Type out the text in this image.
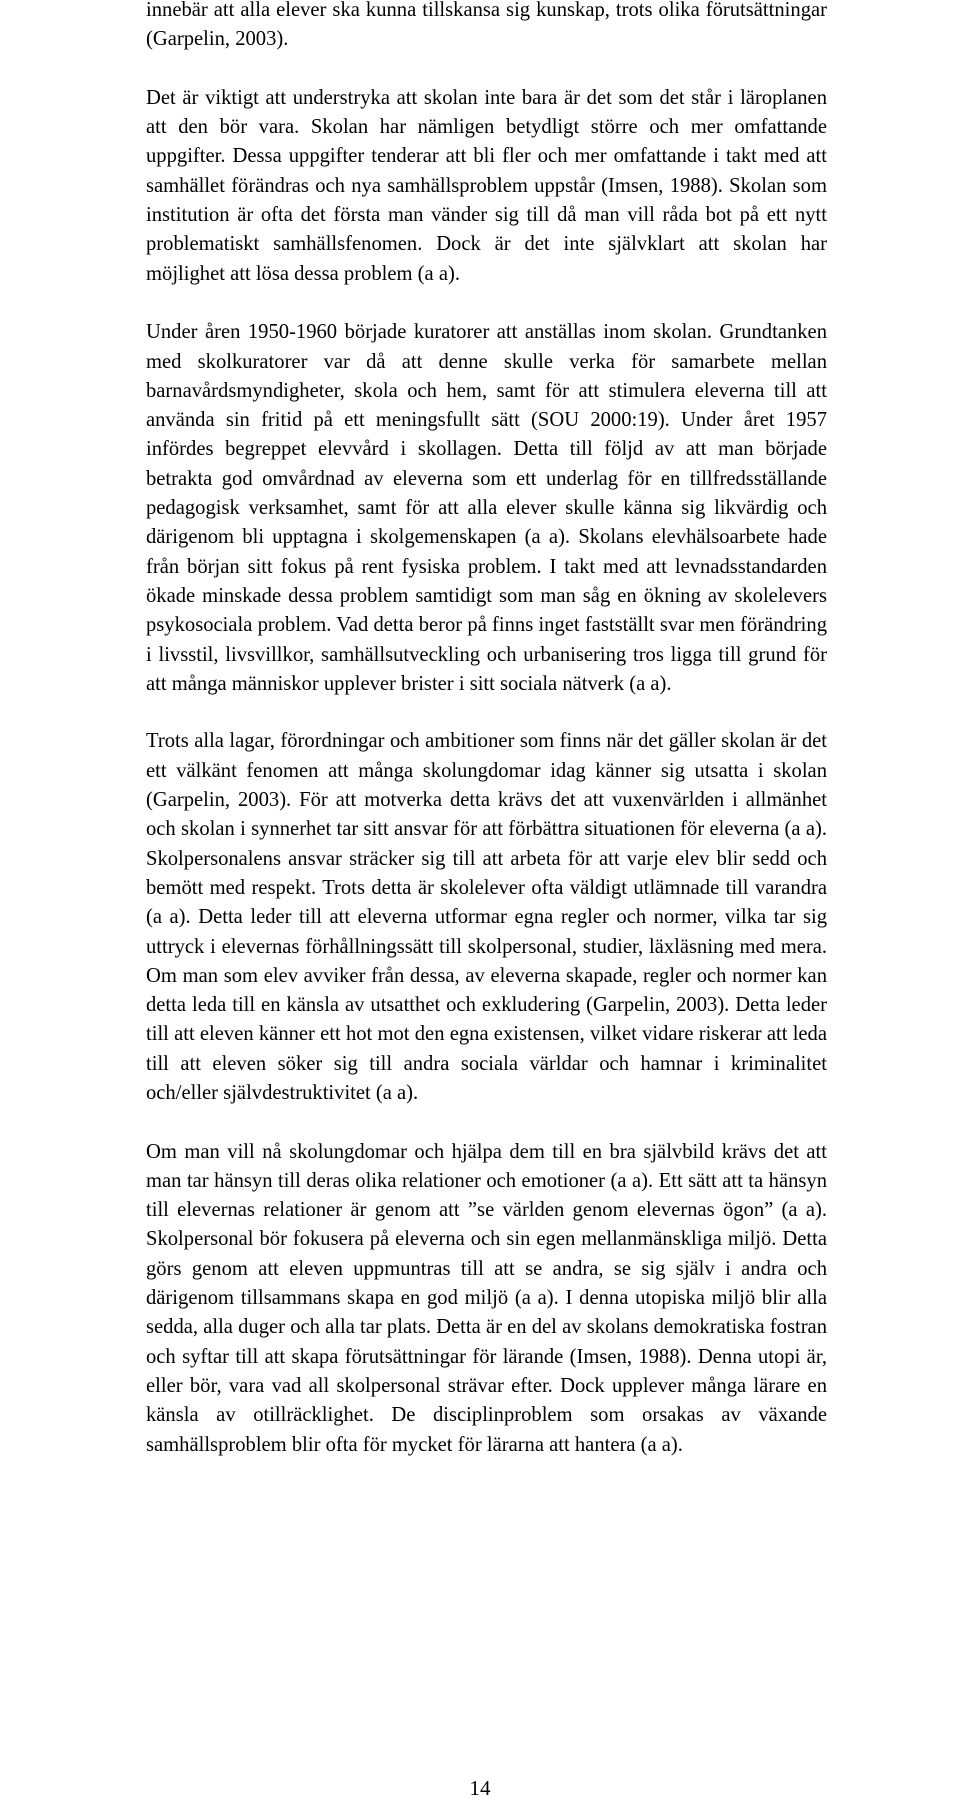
innebär att alla elever ska kunna tillskansa sig kunskap, trots olika förutsättningar (Garpelin, 2003).

Det är viktigt att understryka att skolan inte bara är det som det står i läroplanen att den bör vara. Skolan har nämligen betydligt större och mer omfattande uppgifter. Dessa uppgifter tenderar att bli fler och mer omfattande i takt med att samhället förändras och nya samhällsproblem uppstår (Imsen, 1988). Skolan som institution är ofta det första man vänder sig till då man vill råda bot på ett nytt problematiskt samhällsfenomen. Dock är det inte självklart att skolan har möjlighet att lösa dessa problem (a a).

Under åren 1950-1960 började kuratorer att anställas inom skolan. Grundtanken med skolkuratorer var då att denne skulle verka för samarbete mellan barnavårdsmyndigheter, skola och hem, samt för att stimulera eleverna till att använda sin fritid på ett meningsfullt sätt (SOU 2000:19). Under året 1957 infördes begreppet elevvård i skollagen. Detta till följd av att man började betrakta god omvårdnad av eleverna som ett underlag för en tillfredsställande pedagogisk verksamhet, samt för att alla elever skulle känna sig likvärdig och därigenom bli upptagna i skolgemenskapen (a a). Skolans elevhälsoarbete hade från början sitt fokus på rent fysiska problem. I takt med att levnadsstandarden ökade minskade dessa problem samtidigt som man såg en ökning av skolelevers psykosociala problem. Vad detta beror på finns inget fastställt svar men förändring i livsstil, livsvillkor, samhällsutveckling och urbanisering tros ligga till grund för att många människor upplever brister i sitt sociala nätverk (a a).

Trots alla lagar, förordningar och ambitioner som finns när det gäller skolan är det ett välkänt fenomen att många skolungdomar idag känner sig utsatta i skolan (Garpelin, 2003). För att motverka detta krävs det att vuxenvärlden i allmänhet och skolan i synnerhet tar sitt ansvar för att förbättra situationen för eleverna (a a). Skolpersonalens ansvar sträcker sig till att arbeta för att varje elev blir sedd och bemött med respekt. Trots detta är skolelever ofta väldigt utlämnade till varandra (a a). Detta leder till att eleverna utformar egna regler och normer, vilka tar sig uttryck i elevernas förhållningssätt till skolpersonal, studier, läxläsning med mera. Om man som elev avviker från dessa, av eleverna skapade, regler och normer kan detta leda till en känsla av utsatthet och exkludering (Garpelin, 2003). Detta leder till att eleven känner ett hot mot den egna existensen, vilket vidare riskerar att leda till att eleven söker sig till andra sociala världar och hamnar i kriminalitet och/eller självdestruktivitet (a a).

Om man vill nå skolungdomar och hjälpa dem till en bra självbild krävs det att man tar hänsyn till deras olika relationer och emotioner (a a). Ett sätt att ta hänsyn till elevernas relationer är genom att ”se världen genom elevernas ögon” (a a). Skolpersonal bör fokusera på eleverna och sin egen mellanmänskliga miljö. Detta görs genom att eleven uppmuntras till att se andra, se sig själv i andra och därigenom tillsammans skapa en god miljö (a a). I denna utopiska miljö blir alla sedda, alla duger och alla tar plats. Detta är en del av skolans demokratiska fostran och syftar till att skapa förutsättningar för lärande (Imsen, 1988). Denna utopi är, eller bör, vara vad all skolpersonal strävar efter. Dock upplever många lärare en känsla av otillräcklighet. De disciplinproblem som orsakas av växande samhällsproblem blir ofta för mycket för lärarna att hantera (a a).

14
